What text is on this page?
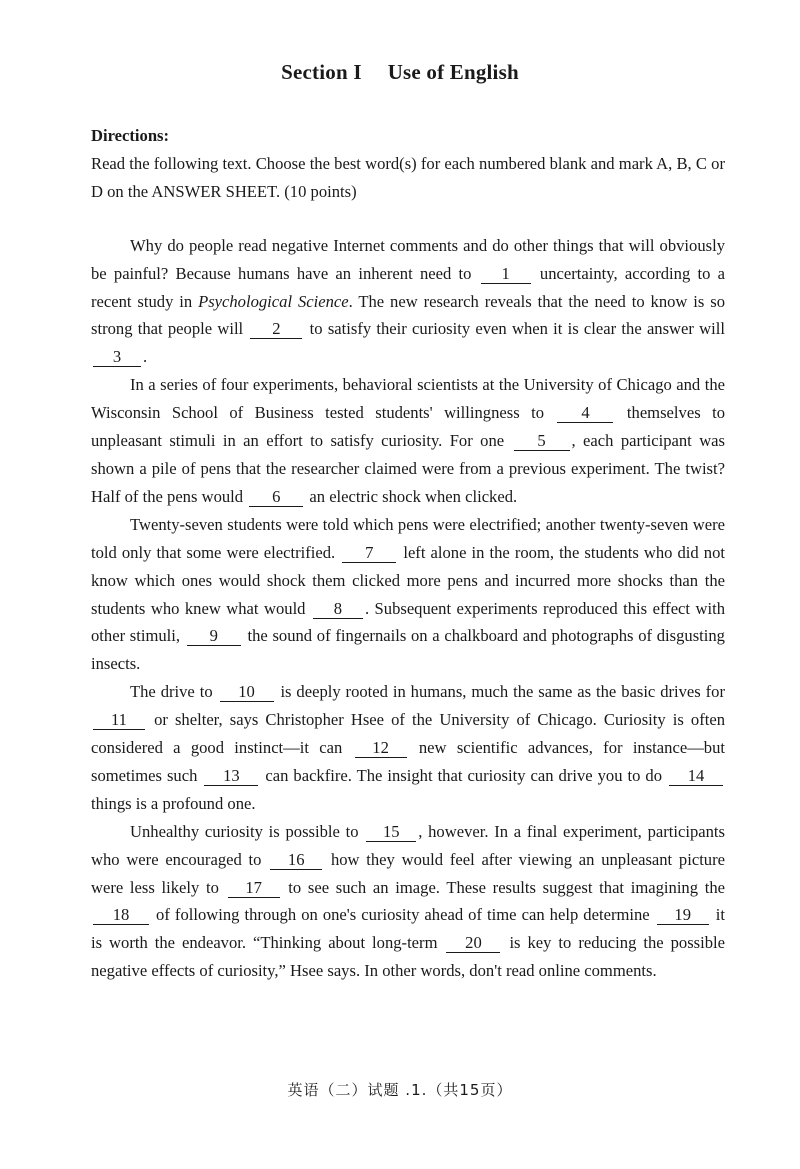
Section I Use of English

Directions:

Read the following text. Choose the best word(s) for each numbered blank and mark A, B, C or D on the ANSWER SHEET. (10 points)

Why do people read negative Internet comments and do other things that will obviously be painful? Because humans have an inherent need to 1 uncertainty, according to a recent study in Psychological Science. The new research reveals that the need to know is so strong that people will 2 to satisfy their curiosity even when it is clear the answer will 3 .

In a series of four experiments, behavioral scientists at the University of Chicago and the Wisconsin School of Business tested students' willingness to 4 themselves to unpleasant stimuli in an effort to satisfy curiosity. For one 5 , each participant was shown a pile of pens that the researcher claimed were from a previous experiment. The twist? Half of the pens would 6 an electric shock when clicked.

Twenty-seven students were told which pens were electrified; another twenty-seven were told only that some were electrified. 7 left alone in the room, the students who did not know which ones would shock them clicked more pens and incurred more shocks than the students who knew what would 8 . Subsequent experiments reproduced this effect with other stimuli, 9 the sound of fingernails on a chalkboard and photographs of disgusting insects.

The drive to 10 is deeply rooted in humans, much the same as the basic drives for 11 or shelter, says Christopher Hsee of the University of Chicago. Curiosity is often considered a good instinct—it can 12 new scientific advances, for instance—but sometimes such 13 can backfire. The insight that curiosity can drive you to do 14 things is a profound one.

Unhealthy curiosity is possible to 15 , however. In a final experiment, participants who were encouraged to 16 how they would feel after viewing an unpleasant picture were less likely to 17 to see such an image. These results suggest that imagining the 18 of following through on one's curiosity ahead of time can help determine 19 it is worth the endeavor. “Thinking about long-term 20 is key to reducing the possible negative effects of curiosity,” Hsee says. In other words, don't read online comments.

英语（二）试题 .1.（共15页）
